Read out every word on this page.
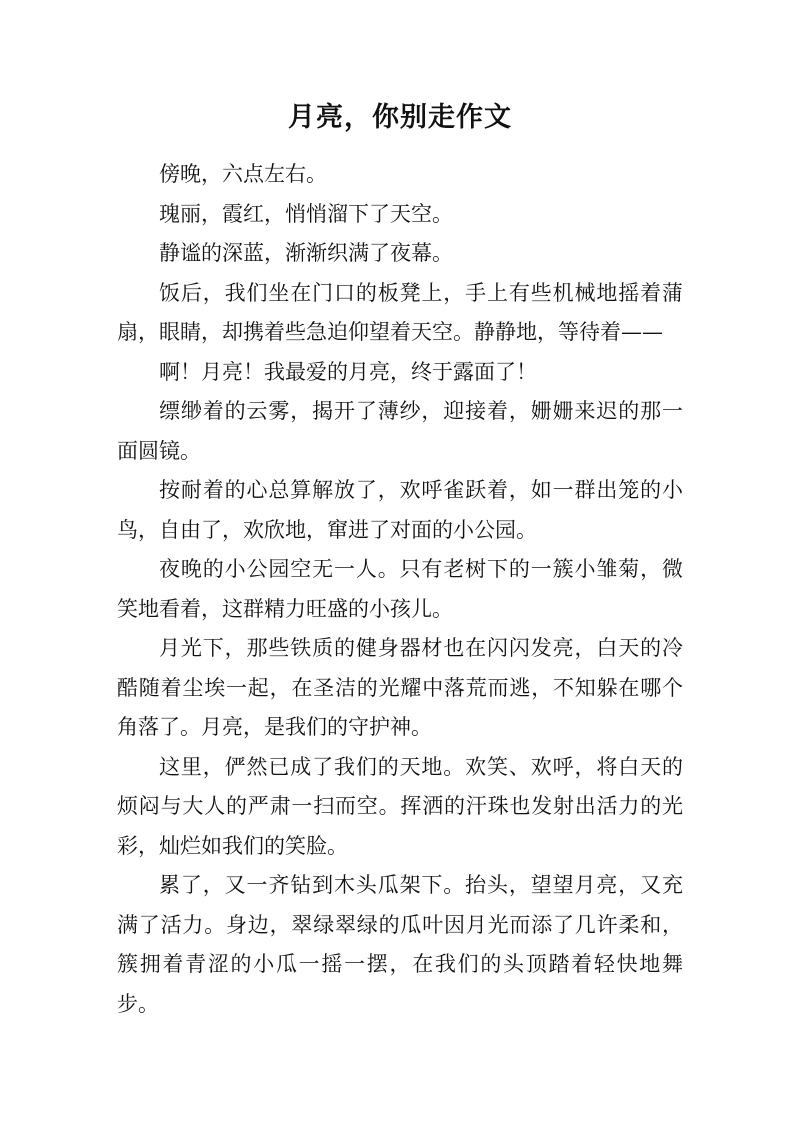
月亮，你别走作文

傍晚，六点左右。

瑰丽，霞红，悄悄溜下了天空。

静谧的深蓝，渐渐织满了夜幕。

饭后，我们坐在门口的板凳上，手上有些机械地摇着蒲扇，眼睛，却携着些急迫仰望着天空。静静地，等待着——

啊！月亮！我最爱的月亮，终于露面了！

缥缈着的云雾，揭开了薄纱，迎接着，姗姗来迟的那一面圆镜。

按耐着的心总算解放了，欢呼雀跃着，如一群出笼的小鸟，自由了，欢欣地，窜进了对面的小公园。

夜晚的小公园空无一人。只有老树下的一簇小雏菊，微笑地看着，这群精力旺盛的小孩儿。

月光下，那些铁质的健身器材也在闪闪发亮，白天的冷酷随着尘埃一起，在圣洁的光耀中落荒而逃，不知躲在哪个角落了。月亮，是我们的守护神。

这里，俨然已成了我们的天地。欢笑、欢呼，将白天的烦闷与大人的严肃一扫而空。挥洒的汗珠也发射出活力的光彩，灿烂如我们的笑脸。

累了，又一齐钻到木头瓜架下。抬头，望望月亮，又充满了活力。身边，翠绿翠绿的瓜叶因月光而添了几许柔和，簇拥着青涩的小瓜一摇一摆，在我们的头顶踏着轻快地舞步。
